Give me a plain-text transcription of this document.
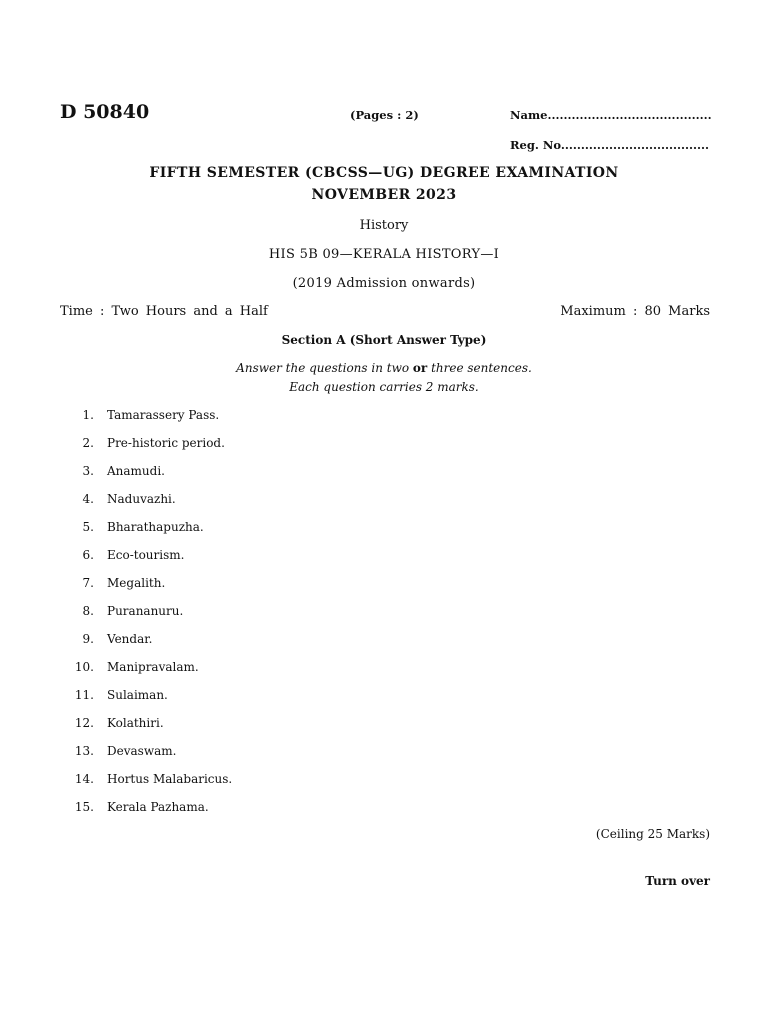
D 50840	(Pages : 2)	Name.........................................
Reg. No.....................................
FIFTH SEMESTER (CBCSS—UG) DEGREE EXAMINATION
NOVEMBER 2023
History
HIS 5B 09—KERALA HISTORY—I
(2019 Admission onwards)
Time : Two Hours and a Half	Maximum : 80 Marks
Section A (Short Answer Type)
Answer the questions in two or three sentences.
Each question carries 2 marks.
1.	Tamarassery Pass.
2.	Pre-historic period.
3.	Anamudi.
4.	Naduvazhi.
5.	Bharathapuzha.
6.	Eco-tourism.
7.	Megalith.
8.	Purananuru.
9.	Vendar.
10.	Manipravalam.
11.	Sulaiman.
12.	Kolathiri.
13.	Devaswam.
14.	Hortus Malabaricus.
15.	Kerala Pazhama.
(Ceiling 25 Marks)
Turn over
